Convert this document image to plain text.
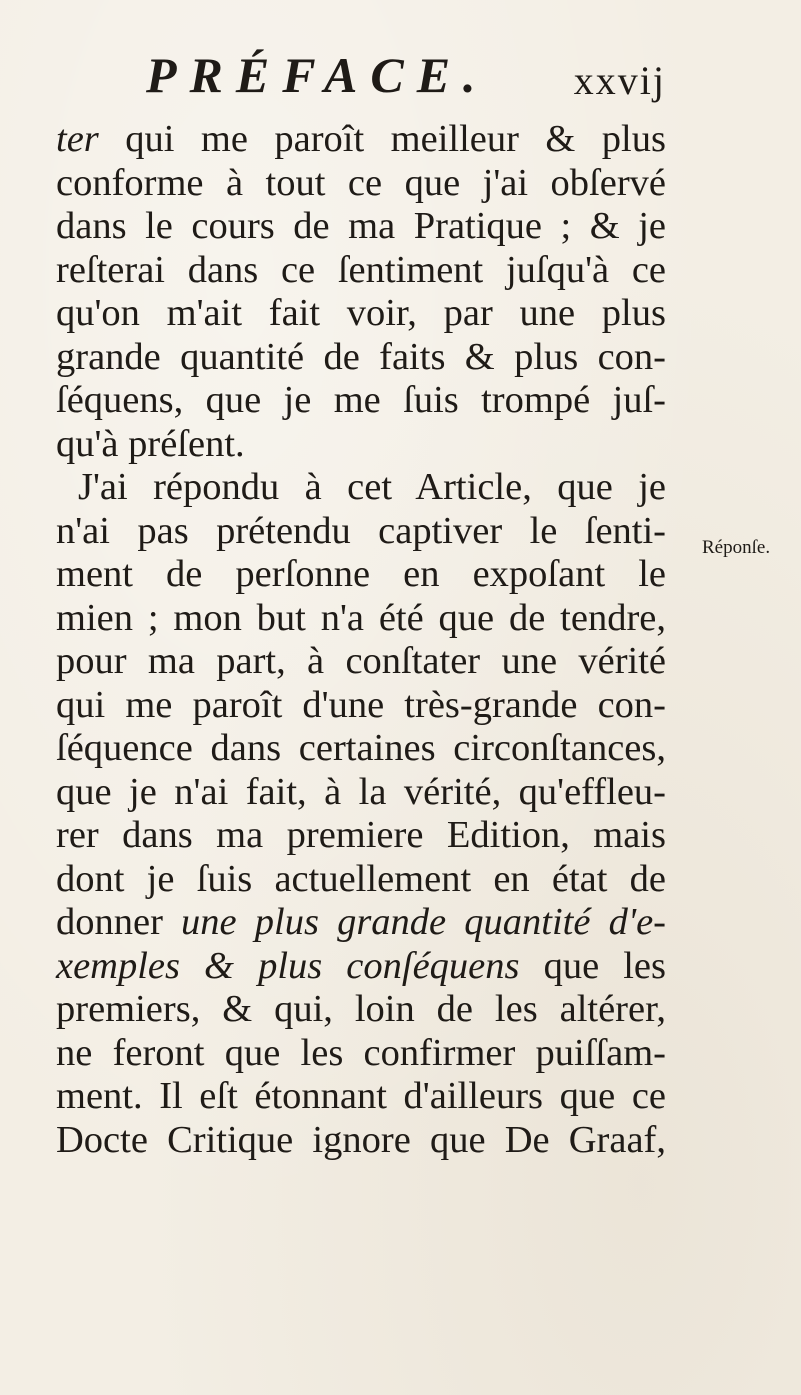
PRÉFACE. xxvij
Réponſe.
ter qui me paroît meilleur & plus
conforme à tout ce que j'ai obſervé
dans le cours de ma Pratique ; & je
reſterai dans ce ſentiment juſqu'à ce
qu'on m'ait fait voir, par une plus
grande quantité de faits & plus con-
ſéquens, que je me ſuis trompé juſ-
qu'à préſent.
J'ai répondu à cet Article, que je
n'ai pas prétendu captiver le ſenti-
ment de perſonne en expoſant le
mien ; mon but n'a été que de tendre,
pour ma part, à conſtater une vérité
qui me paroît d'une très-grande con-
ſéquence dans certaines circonſtances,
que je n'ai fait, à la vérité, qu'effleu-
rer dans ma premiere Edition, mais
dont je ſuis actuellement en état de
donner une plus grande quantité d'e-
xemples & plus conſéquens que les
premiers, & qui, loin de les altérer,
ne feront que les confirmer puiſſam-
ment. Il eſt étonnant d'ailleurs que ce
Docte Critique ignore que De Graaf,
